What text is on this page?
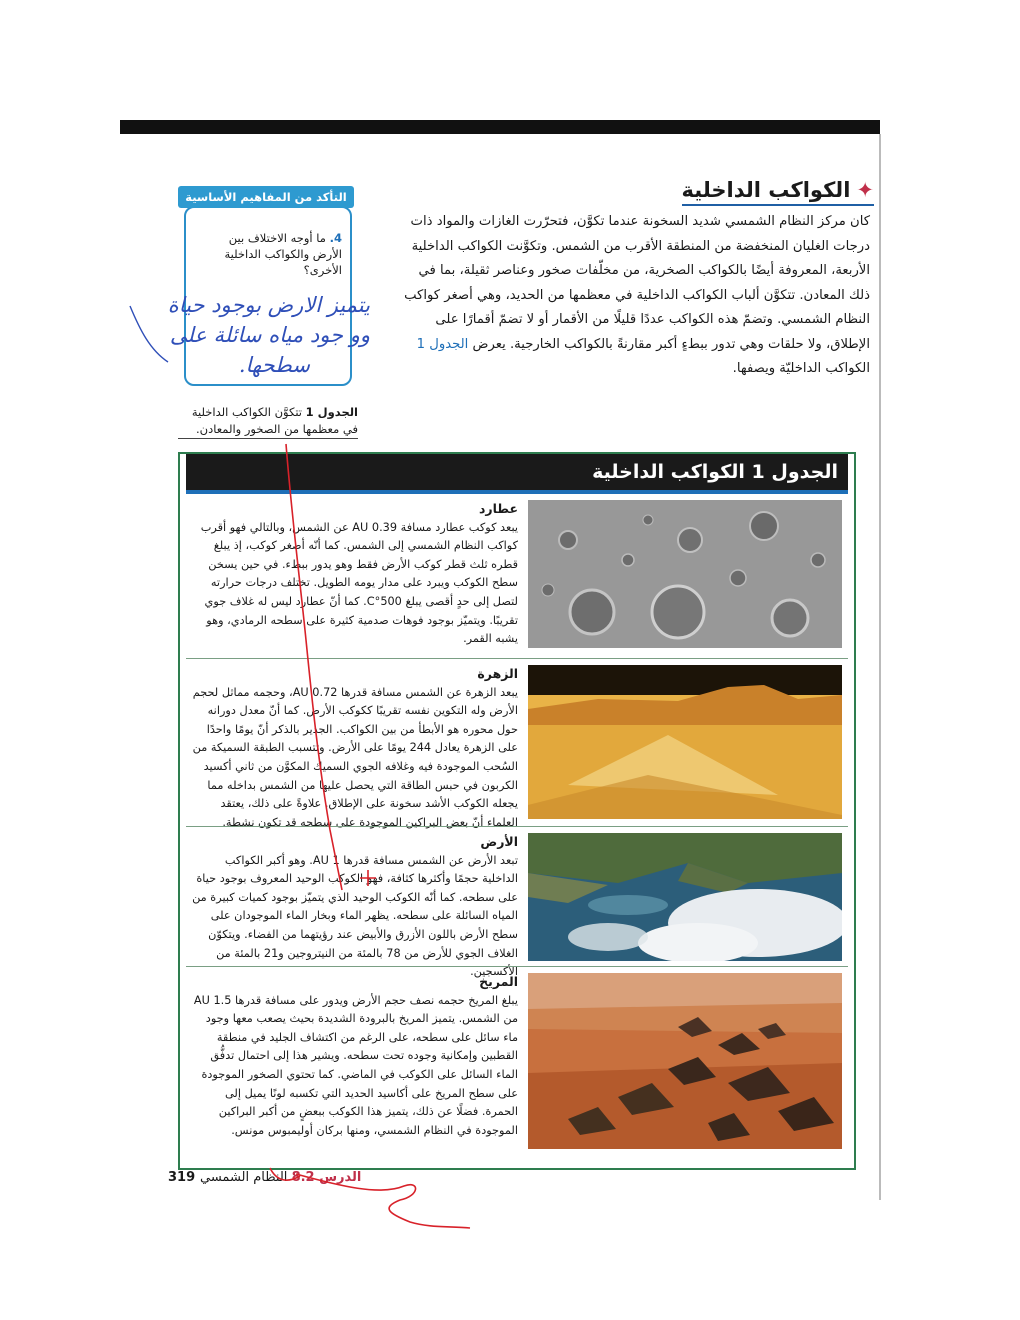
✦الكواكب الداخلية
كان مركز النظام الشمسي شديد السخونة عندما تكوَّن، فتحرّرت الغازات والمواد ذات درجات الغليان المنخفضة من المنطقة الأقرب من الشمس. وتكوَّنت الكواكب الداخلية الأربعة، المعروفة أيضًا بالكواكب الصخرية، من مخلّفات صخور وعناصر ثقيلة، بما في ذلك المعادن. تتكوَّن ألباب الكواكب الداخلية في معظمها من الحديد، وهي أصغر كواكب النظام الشمسي. وتضمّ هذه الكواكب عددًا قليلًا من الأقمار أو لا تضمّ أقمارًا على الإطلاق، ولا حلقات وهي تدور ببطءٍ أكبر مقارنةً بالكواكب الخارجية. يعرض الجدول 1 الكواكب الداخليّة ويصفها.
التأكد من المفاهيم الأساسية
4. ما أوجه الاختلاف بين الأرض والكواكب الداخلية الأخرى؟
يتميز الارض بوجود حياة
وو جود مياه سائلة على
سطحها.
الجدول 1 تتكوَّن الكواكب الداخلية في معظمها من الصخور والمعادن.
الجدول 1 الكواكب الداخلية
عطارد
يبعد كوكب عطارد مسافة 0.39 AU عن الشمس، وبالتالي فهو أقرب كواكب النظام الشمسي إلى الشمس. كما أنّه أصغر كوكب، إذ يبلغ قطره ثلث قطر كوكب الأرض فقط وهو يدور ببطء. في حين يسخن سطح الكوكب ويبرد على مدار يومه الطويل. تختلف درجات حرارته لتصل إلى حدٍ أقصى يبلغ 500°C. كما أنّ عطارد ليس له غلاف جوي تقريبًا. ويتميّز بوجود فوهات صدمية كثيرة على سطحه الرمادي، وهو يشبه القمر.
الزهرة
يبعد الزهرة عن الشمس مسافة قدرها 0.72 AU، وحجمه مماثل لحجم الأرض وله التكوين نفسه تقريبًا ككوكب الأرض. كما أنّ معدل دورانه حول محوره هو الأبطأ من بين الكواكب. الجدير بالذكر أنّ يومًا واحدًا على الزهرة يعادل 244 يومًا على الأرض. وتتسبب الطبقة السميكة من السُحب الموجودة فيه وغلافه الجوي السميك المكوَّن من ثاني أكسيد الكربون في حبس الطاقة التي يحصل عليها من الشمس بداخله مما يجعله الكوكب الأشد سخونة على الإطلاق. علاوةً على ذلك، يعتقد العلماء أنّ بعض البراكين الموجودة على سطحه قد تكون نشطة.
الأرض
تبعد الأرض عن الشمس مسافة قدرها 1 AU. وهو أكبر الكواكب الداخلية حجمًا وأكثرها كثافة، فهو الكوكب الوحيد المعروف بوجود حياة على سطحه. كما أنّه الكوكب الوحيد الذي يتميّز بوجود كميات كبيرة من المياه السائلة على سطحه. يظهر الماء وبخار الماء الموجودان على سطح الأرض باللون الأزرق والأبيض عند رؤيتهما من الفضاء. ويتكوّن الغلاف الجوي للأرض من 78 بالمئة من النيتروجين و21 بالمئة من الأكسجين.
المريخ
يبلغ المريخ حجمه نصف حجم الأرض ويدور على مسافة قدرها 1.5 AU من الشمس. يتميز المريخ بالبرودة الشديدة بحيث يصعب معها وجود ماء سائل على سطحه، على الرغم من اكتشاف الجليد في منطقة القطبين وإمكانية وجوده تحت سطحه. ويشير هذا إلى احتمال تدفُّق الماء السائل على الكوكب في الماضي. كما تحتوي الصخور الموجودة على سطح المريخ على أكاسيد الحديد التي تكسبه لونًا يميل إلى الحمرة. فضلًا عن ذلك، يتميز هذا الكوكب ببعضٍ من أكبر البراكين الموجودة في النظام الشمسي، ومنها بركان أوليمبوس مونس.
319	الدرس 8.2 النظام الشمسي
